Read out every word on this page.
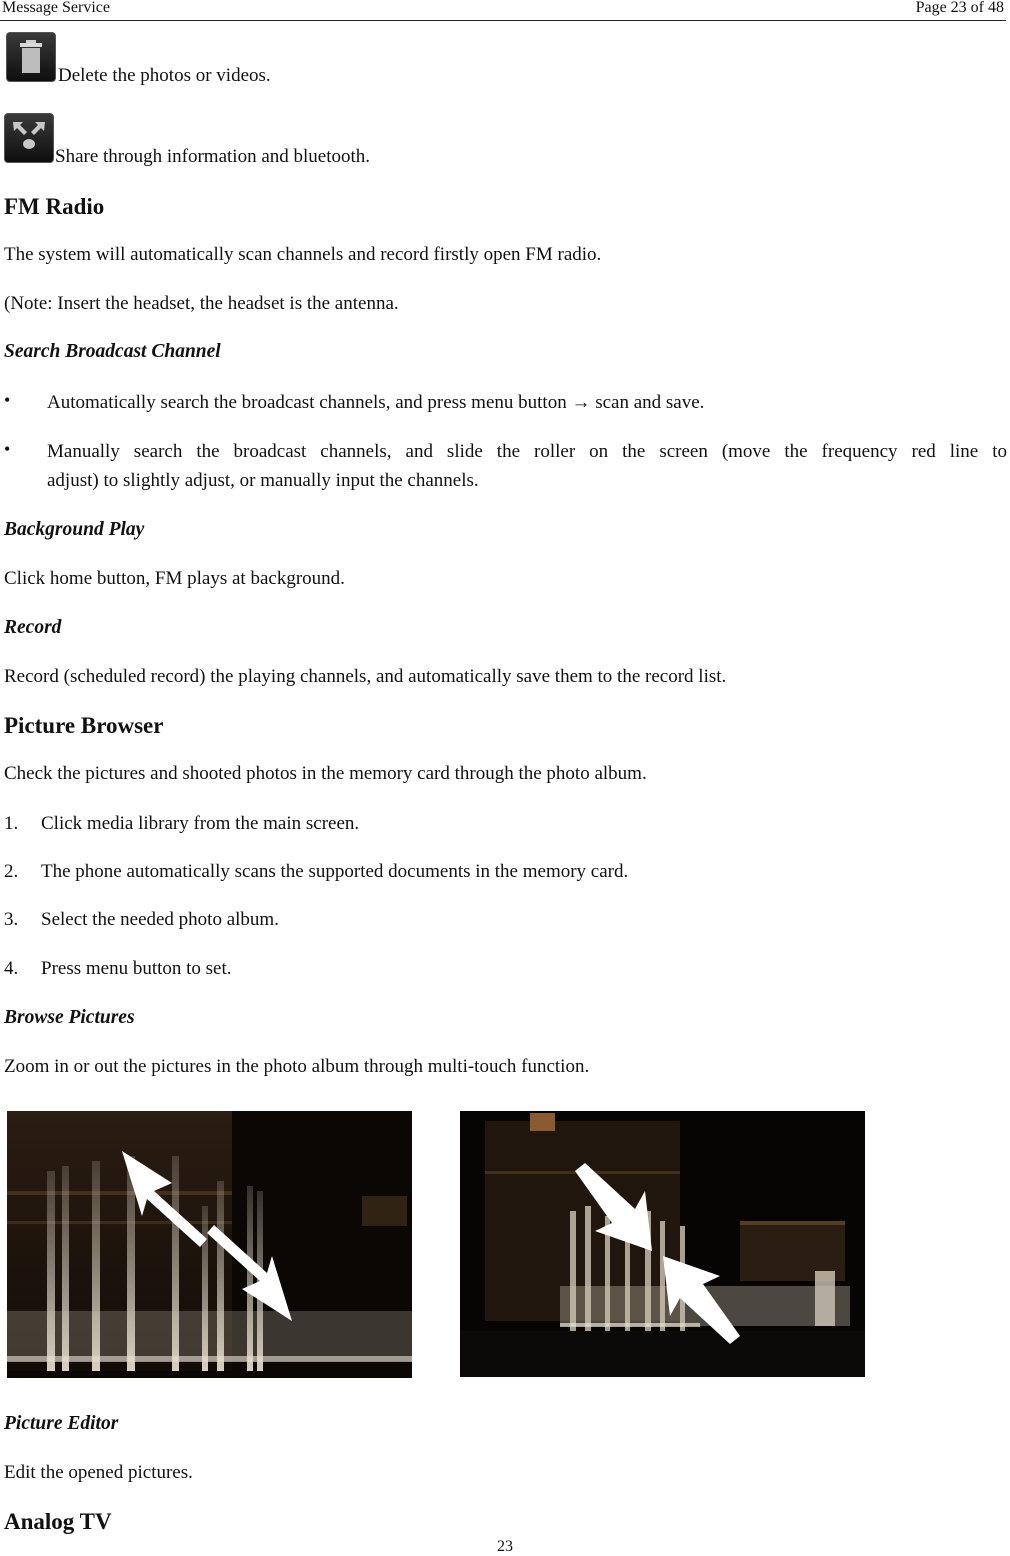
Message Service	Page 23 of 48
Delete the photos or videos.
Share through information and bluetooth.
FM Radio
The system will automatically scan channels and record firstly open FM radio.
(Note: Insert the headset, the headset is the antenna.
Search Broadcast Channel
• Automatically search the broadcast channels, and press menu button → scan and save.
• Manually search the broadcast channels, and slide the roller on the screen (move the frequency red line to
adjust) to slightly adjust, or manually input the channels.
Background Play
Click home button, FM plays at background.
Record
Record (scheduled record) the playing channels, and automatically save them to the record list.
Picture Browser
Check the pictures and shooted photos in the memory card through the photo album.
1. Click media library from the main screen.
2. The phone automatically scans the supported documents in the memory card.
3. Select the needed photo album.
4. Press menu button to set.
Browse Pictures
Zoom in or out the pictures in the photo album through multi-touch function.
Picture Editor
Edit the opened pictures.
Analog TV
23
